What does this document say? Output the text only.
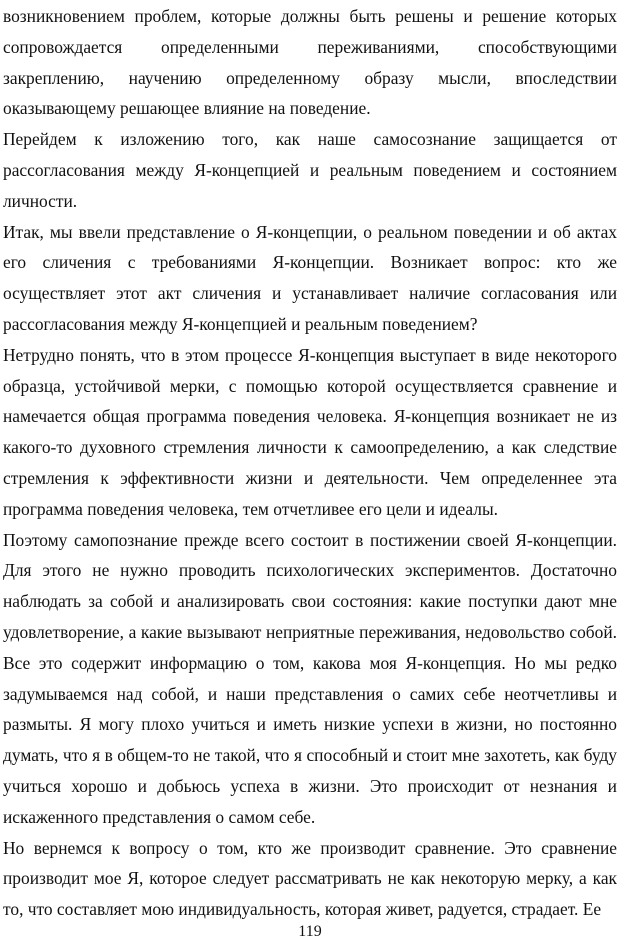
возникновением проблем, которые должны быть решены и решение которых сопровождается определенными переживаниями, способствующими закреплению, научению определенному образу мысли, впоследствии оказывающему решающее влияние на поведение.

Перейдем к изложению того, как наше самосознание защищается от рассогласования между Я-концепцией и реальным поведением и состоянием личности.

Итак, мы ввели представление о Я-концепции, о реальном поведении и об актах его сличения с требованиями Я-концепции. Возникает вопрос: кто же осуществляет этот акт сличения и устанавливает наличие согласования или рассогласования между Я-концепцией и реальным поведением?

Нетрудно понять, что в этом процессе Я-концепция выступает в виде некоторого образца, устойчивой мерки, с помощью которой осуществляется сравнение и намечается общая программа поведения человека. Я-концепция возникает не из какого-то духовного стремления личности к самоопределению, а как следствие стремления к эффективности жизни и деятельности. Чем определеннее эта программа поведения человека, тем отчетливее его цели и идеалы.

Поэтому самопознание прежде всего состоит в постижении своей Я-концепции. Для этого не нужно проводить психологических экспериментов. Достаточно наблюдать за собой и анализировать свои состояния: какие поступки дают мне удовлетворение, а какие вызывают неприятные переживания, недовольство собой. Все это содержит информацию о том, какова моя Я-концепция. Но мы редко задумываемся над собой, и наши представления о самих себе неотчетливы и размыты. Я могу плохо учиться и иметь низкие успехи в жизни, но постоянно думать, что я в общем-то не такой, что я способный и стоит мне захотеть, как буду учиться хорошо и добьюсь успеха в жизни. Это происходит от незнания и искаженного представления о самом себе.

Но вернемся к вопросу о том, кто же производит сравнение. Это сравнение производит мое Я, которое следует рассматривать не как некоторую мерку, а как то, что составляет мою индивидуальность, которая живет, радуется, страдает. Ее

119
